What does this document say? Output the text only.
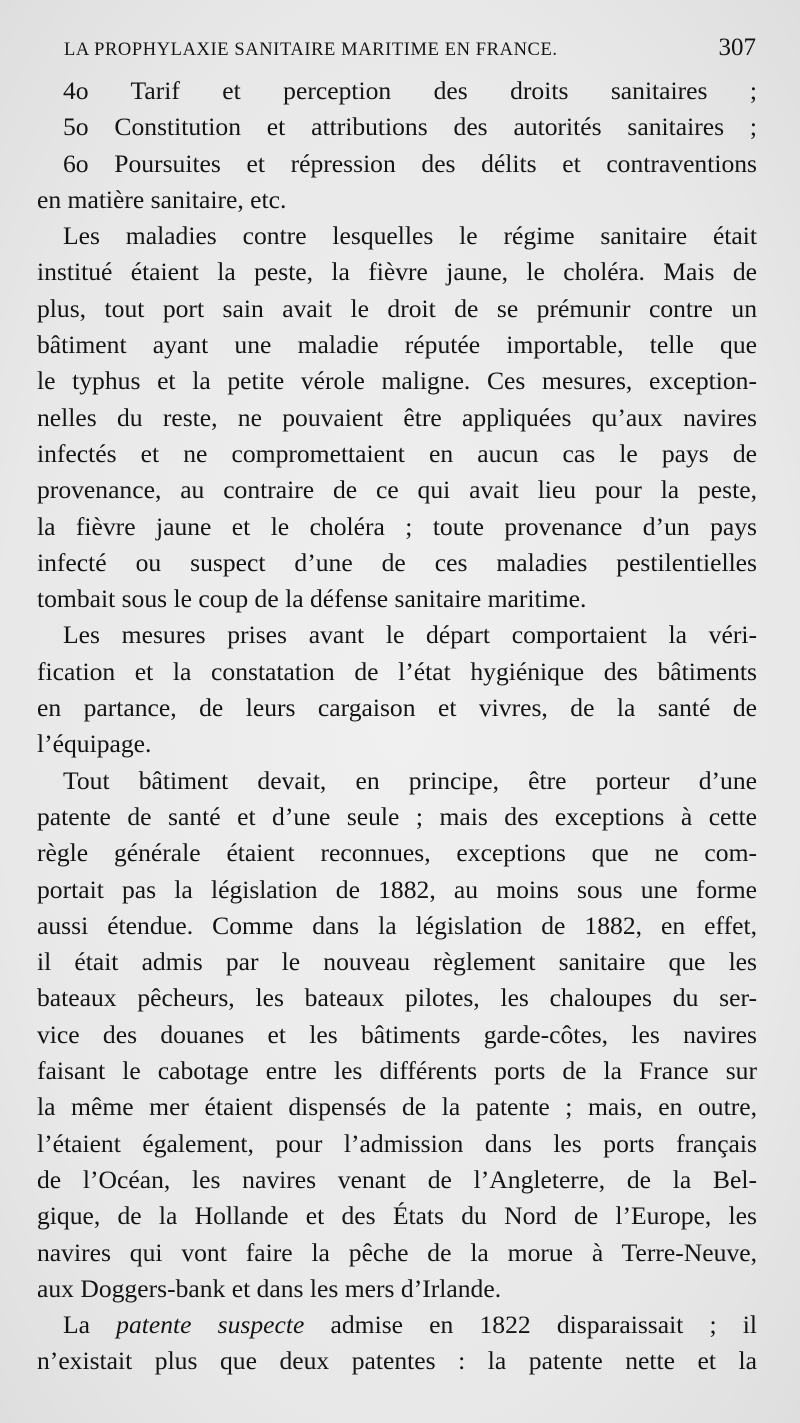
LA PROPHYLAXIE SANITAIRE MARITIME EN FRANCE.	307
4o Tarif et perception des droits sanitaires ;
5o Constitution et attributions des autorités sanitaires ;
6o Poursuites et répression des délits et contraventions
en matière sanitaire, etc.
Les maladies contre lesquelles le régime sanitaire était
institué étaient la peste, la fièvre jaune, le choléra. Mais de
plus, tout port sain avait le droit de se prémunir contre un
bâtiment ayant une maladie réputée importable, telle que
le typhus et la petite vérole maligne. Ces mesures, exception-
nelles du reste, ne pouvaient être appliquées qu’aux navires
infectés et ne compromettaient en aucun cas le pays de
provenance, au contraire de ce qui avait lieu pour la peste,
la fièvre jaune et le choléra ; toute provenance d’un pays
infecté ou suspect d’une de ces maladies pestilentielles
tombait sous le coup de la défense sanitaire maritime.
Les mesures prises avant le départ comportaient la véri-
fication et la constatation de l’état hygiénique des bâtiments
en partance, de leurs cargaison et vivres, de la santé de
l’équipage.
Tout bâtiment devait, en principe, être porteur d’une
patente de santé et d’une seule ; mais des exceptions à cette
règle générale étaient reconnues, exceptions que ne com-
portait pas la législation de 1882, au moins sous une forme
aussi étendue. Comme dans la législation de 1882, en effet,
il était admis par le nouveau règlement sanitaire que les
bateaux pêcheurs, les bateaux pilotes, les chaloupes du ser-
vice des douanes et les bâtiments garde-côtes, les navires
faisant le cabotage entre les différents ports de la France sur
la même mer étaient dispensés de la patente ; mais, en outre,
l’étaient également, pour l’admission dans les ports français
de l’Océan, les navires venant de l’Angleterre, de la Bel-
gique, de la Hollande et des États du Nord de l’Europe, les
navires qui vont faire la pêche de la morue à Terre-Neuve,
aux Doggers-bank et dans les mers d’Irlande.
La patente suspecte admise en 1822 disparaissait ; il
n’existait plus que deux patentes : la patente nette et la
